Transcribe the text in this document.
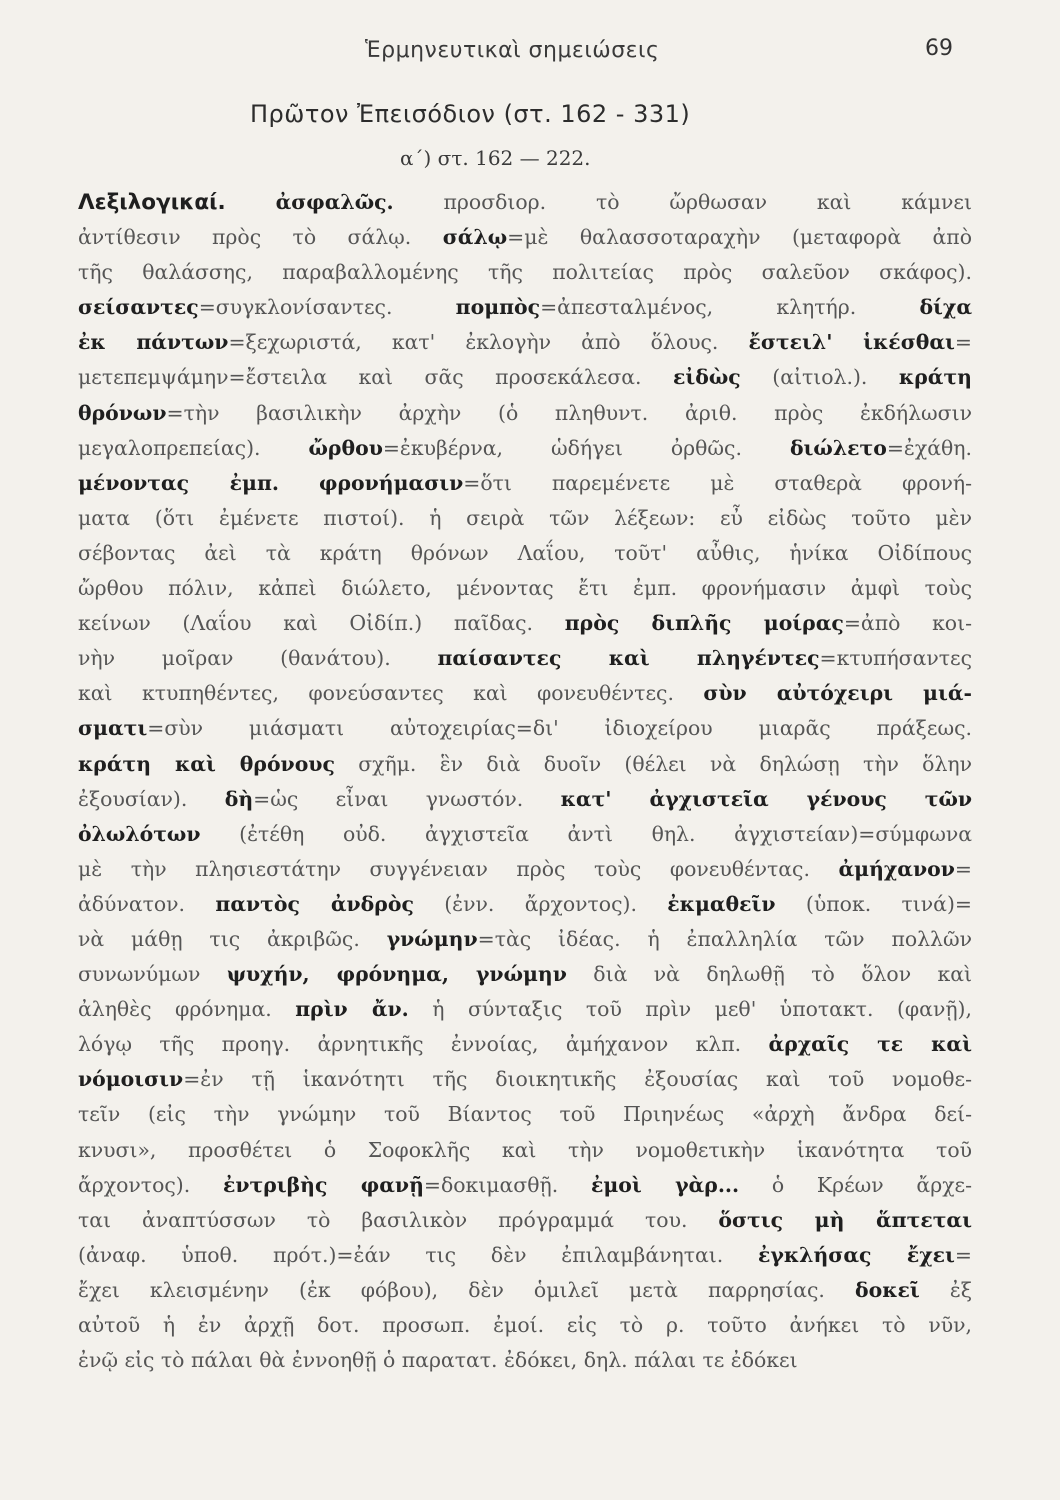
Ἑρμηνευτικαὶ σημειώσεις	69
Πρῶτον Ἐπεισόδιον (στ. 162 - 331)
α΄) στ. 162 — 222.
Λεξιλογικαί. ἀσφαλῶς. προσδιορ. τὸ ὤρθωσαν καὶ κάμνει
ἀντίθεσιν πρὸς τὸ σάλῳ. σάλῳ=μὲ θαλασσοταραχὴν (μεταφορὰ ἀπὸ
τῆς θαλάσσης, παραβαλλομένης τῆς πολιτείας πρὸς σαλεῦον σκάφος).
σείσαντες=συγκλονίσαντες. πομπὸς=ἀπεσταλμένος, κλητήρ. δίχα
ἐκ πάντων=ξεχωριστά, κατ' ἐκλογὴν ἀπὸ ὅλους. ἔστειλ' ἱκέσθαι=
μετεπεμψάμην=ἔστειλα καὶ σᾶς προσεκάλεσα. εἰδὼς (αἰτιολ.). κράτη
θρόνων=τὴν βασιλικὴν ἀρχὴν (ὁ πληθυντ. ἀριθ. πρὸς ἐκδήλωσιν
μεγαλοπρεπείας). ὤρθου=ἐκυβέρνα, ὡδήγει ὀρθῶς. διώλετο=ἐχάθη.
μένοντας ἐμπ. φρονήμασιν=ὅτι παρεμένετε μὲ σταθερὰ φρονή-
ματα (ὅτι ἐμένετε πιστοί). ἡ σειρὰ τῶν λέξεων: εὖ εἰδὼς τοῦτο μὲν
σέβοντας ἀεὶ τὰ κράτη θρόνων Λαΐου, τοῦτ' αὖθις, ἡνίκα Οἰδίπους
ὤρθου πόλιν, κἀπεὶ διώλετο, μένοντας ἔτι ἐμπ. φρονήμασιν ἀμφὶ τοὺς
κείνων (Λαΐου καὶ Οἰδίπ.) παῖδας. πρὸς διπλῆς μοίρας=ἀπὸ κοι-
νὴν μοῖραν (θανάτου). παίσαντες καὶ πληγέντες=κτυπήσαντες
καὶ κτυπηθέντες, φονεύσαντες καὶ φονευθέντες. σὺν αὐτόχειρι μιά-
σματι=σὺν μιάσματι αὐτοχειρίας=δι' ἰδιοχείρου μιαρᾶς πράξεως.
κράτη καὶ θρόνους σχῆμ. ἓν διὰ δυοῖν (θέλει νὰ δηλώσῃ τὴν ὅλην
ἐξουσίαν). δὴ=ὡς εἶναι γνωστόν. κατ' ἀγχιστεῖα γένους τῶν
ὀλωλότων (ἐτέθη οὐδ. ἀγχιστεῖα ἀντὶ θηλ. ἀγχιστείαν)=σύμφωνα
μὲ τὴν πλησιεστάτην συγγένειαν πρὸς τοὺς φονευθέντας. ἀμήχανον=
ἀδύνατον. παντὸς ἀνδρὸς (ἐνν. ἄρχοντος). ἐκμαθεῖν (ὑποκ. τινά)=
νὰ μάθῃ τις ἀκριβῶς. γνώμην=τὰς ἰδέας. ἡ ἐπαλληλία τῶν πολλῶν
συνωνύμων ψυχήν, φρόνημα, γνώμην διὰ νὰ δηλωθῇ τὸ ὅλον καὶ
ἀληθὲς φρόνημα. πρὶν ἄν. ἡ σύνταξις τοῦ πρὶν μεθ' ὑποτακτ. (φανῇ),
λόγῳ τῆς προηγ. ἀρνητικῆς ἐννοίας, ἀμήχανον κλπ. ἀρχαῖς τε καὶ
νόμοισιν=ἐν τῇ ἱκανότητι τῆς διοικητικῆς ἐξουσίας καὶ τοῦ νομοθε-
τεῖν (εἰς τὴν γνώμην τοῦ Βίαντος τοῦ Πριηνέως «ἀρχὴ ἄνδρα δεί-
κνυσι», προσθέτει ὁ Σοφοκλῆς καὶ τὴν νομοθετικὴν ἱκανότητα τοῦ
ἄρχοντος). ἐντριβὴς φανῇ=δοκιμασθῇ. ἐμοὶ γὰρ... ὁ Κρέων ἄρχε-
ται ἀναπτύσσων τὸ βασιλικὸν πρόγραμμά του. ὅστις μὴ ἅπτεται
(ἀναφ. ὑποθ. πρότ.)=ἐάν τις δὲν ἐπιλαμβάνηται. ἐγκλήσας ἔχει=
ἔχει κλεισμένην (ἐκ φόβου), δὲν ὁμιλεῖ μετὰ παρρησίας. δοκεῖ ἐξ
αὐτοῦ ἡ ἐν ἀρχῇ δοτ. προσωπ. ἐμοί. εἰς τὸ ρ. τοῦτο ἀνήκει τὸ νῦν,
ἐνῷ εἰς τὸ πάλαι θὰ ἐννοηθῇ ὁ παρατατ. ἐδόκει, δηλ. πάλαι τε ἐδόκει
